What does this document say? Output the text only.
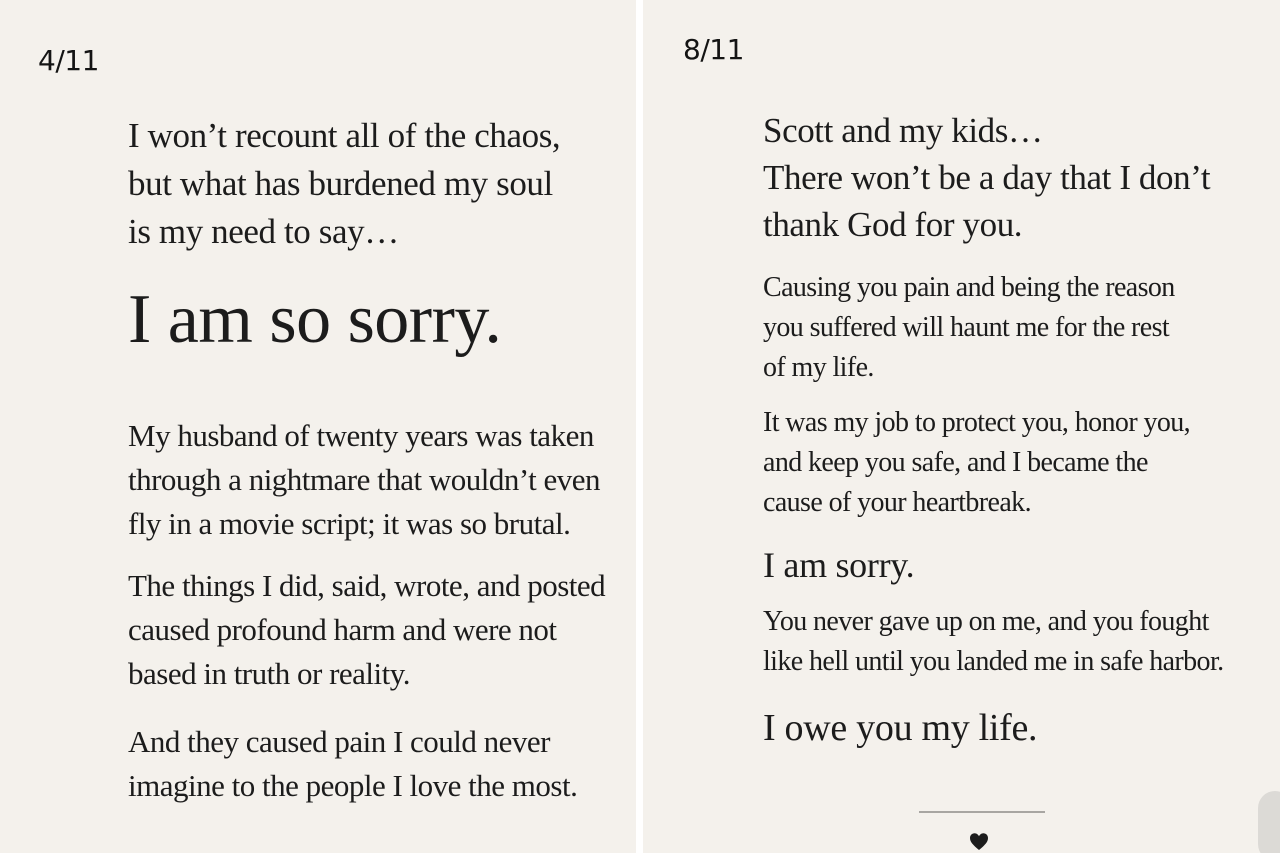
4/11

I won’t recount all of the chaos,
but what has burdened my soul
is my need to say…

I am so sorry.

My husband of twenty years was taken
through a nightmare that wouldn’t even
fly in a movie script; it was so brutal.

The things I did, said, wrote, and posted
caused profound harm and were not
based in truth or reality.

And they caused pain I could never
imagine to the people I love the most.

8/11

Scott and my kids…
There won’t be a day that I don’t
thank God for you.

Causing you pain and being the reason
you suffered will haunt me for the rest
of my life.

It was my job to protect you, honor you,
and keep you safe, and I became the
cause of your heartbreak.

I am sorry.

You never gave up on me, and you fought
like hell until you landed me in safe harbor.

I owe you my life.
